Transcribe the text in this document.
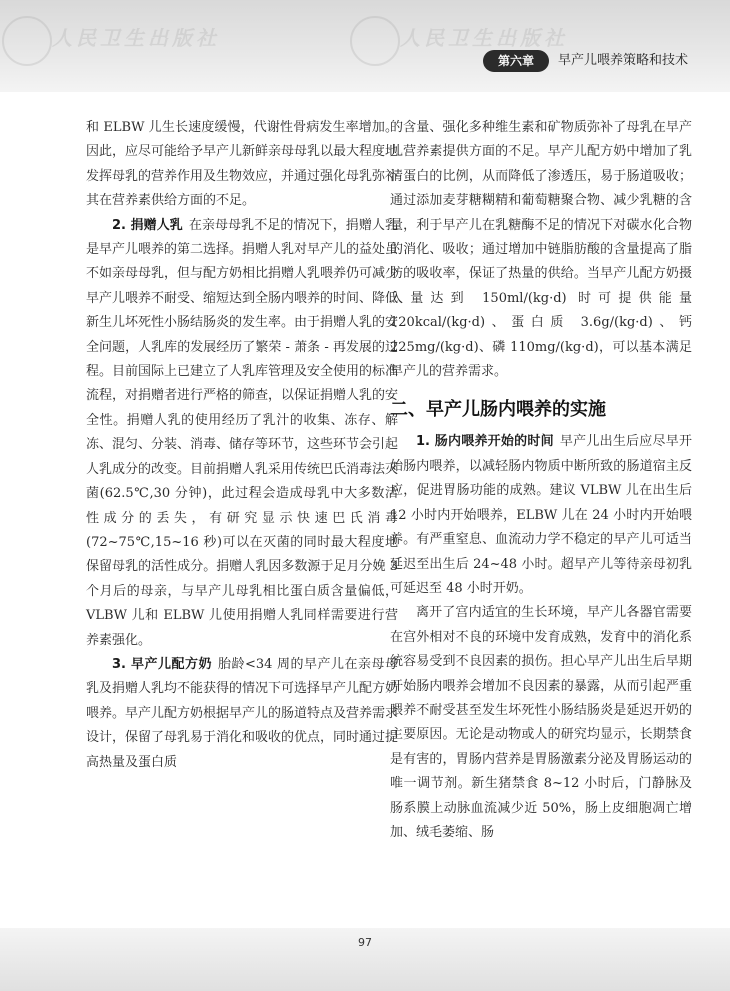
人民卫生出版社	人民卫生出版社
第六章	早产儿喂养策略和技术

和 ELBW 儿生长速度缓慢，代谢性骨病发生率增加。因此，应尽可能给予早产儿新鲜亲母母乳以最大程度地发挥母乳的营养作用及生物效应，并通过强化母乳弥补其在营养素供给方面的不足。

2. 捐赠人乳 在亲母母乳不足的情况下，捐赠人乳是早产儿喂养的第二选择。捐赠人乳对早产儿的益处虽不如亲母母乳，但与配方奶相比捐赠人乳喂养仍可减少早产儿喂养不耐受、缩短达到全肠内喂养的时间、降低新生儿坏死性小肠结肠炎的发生率。由于捐赠人乳的安全问题，人乳库的发展经历了繁荣 - 萧条 - 再发展的过程。目前国际上已建立了人乳库管理及安全使用的标准流程，对捐赠者进行严格的筛查，以保证捐赠人乳的安全性。捐赠人乳的使用经历了乳汁的收集、冻存、解冻、混匀、分装、消毒、储存等环节，这些环节会引起人乳成分的改变。目前捐赠人乳采用传统巴氏消毒法灭菌(62.5℃,30 分钟)，此过程会造成母乳中大多数活性成分的丢失，有研究显示快速巴氏消毒(72~75℃,15~16 秒)可以在灭菌的同时最大程度地保留母乳的活性成分。捐赠人乳因多数源于足月分娩 3 个月后的母亲，与早产儿母乳相比蛋白质含量偏低，VLBW 儿和 ELBW 儿使用捐赠人乳同样需要进行营养素强化。

3. 早产儿配方奶 胎龄<34 周的早产儿在亲母母乳及捐赠人乳均不能获得的情况下可选择早产儿配方奶喂养。早产儿配方奶根据早产儿的肠道特点及营养需求设计，保留了母乳易于消化和吸收的优点，同时通过提高热量及蛋白质

的含量、强化多种维生素和矿物质弥补了母乳在早产儿营养素提供方面的不足。早产儿配方奶中增加了乳清蛋白的比例，从而降低了渗透压，易于肠道吸收；通过添加麦芽糖糊精和葡萄糖聚合物、减少乳糖的含量，利于早产儿在乳糖酶不足的情况下对碳水化合物的消化、吸收；通过增加中链脂肪酸的含量提高了脂肪的吸收率，保证了热量的供给。当早产儿配方奶摄入量达到 150ml/(kg·d) 时可提供能量 120kcal/(kg·d)、蛋白质 3.6g/(kg·d)、钙 225mg/(kg·d)、磷 110mg/(kg·d)，可以基本满足早产儿的营养需求。

二、早产儿肠内喂养的实施

1. 肠内喂养开始的时间 早产儿出生后应尽早开始肠内喂养，以减轻肠内物质中断所致的肠道宿主反应，促进胃肠功能的成熟。建议 VLBW 儿在出生后 12 小时内开始喂养，ELBW 儿在 24 小时内开始喂养。有严重窒息、血流动力学不稳定的早产儿可适当延迟至出生后 24~48 小时。超早产儿等待亲母初乳可延迟至 48 小时开奶。

离开了宫内适宜的生长环境，早产儿各器官需要在宫外相对不良的环境中发育成熟，发育中的消化系统容易受到不良因素的损伤。担心早产儿出生后早期开始肠内喂养会增加不良因素的暴露，从而引起严重喂养不耐受甚至发生坏死性小肠结肠炎是延迟开奶的主要原因。无论是动物或人的研究均显示，长期禁食是有害的，胃肠内营养是胃肠激素分泌及胃肠运动的唯一调节剂。新生猪禁食 8~12 小时后，门静脉及肠系膜上动脉血流减少近 50%，肠上皮细胞凋亡增加、绒毛萎缩、肠

97
